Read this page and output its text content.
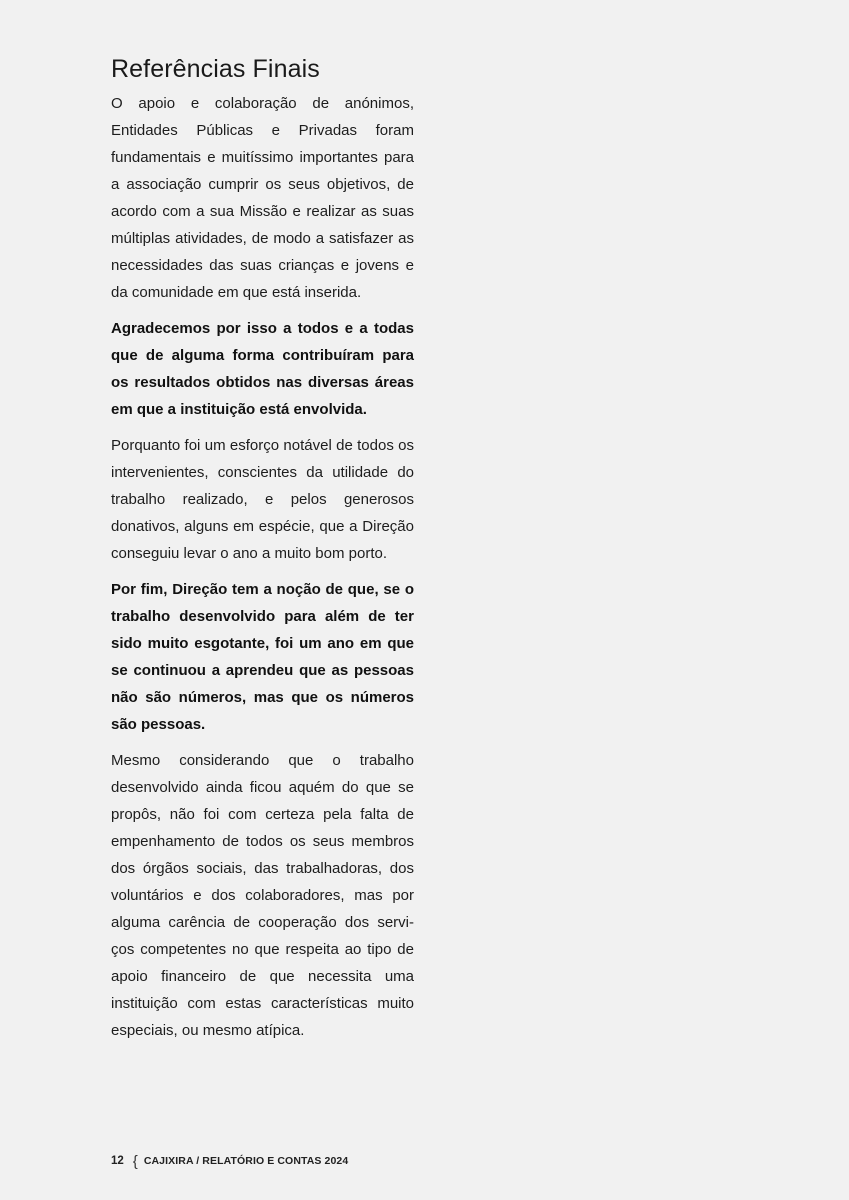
Referências Finais

O apoio e colaboração de anónimos, Entidades Públicas e Privadas foram fundamentais e muitíssimo importantes para a associação cumprir os seus objetivos, de acordo com a sua Missão e realizar as suas múltiplas atividades, de modo a satisfazer as necessidades das suas crianças e jovens e da comunidade em que está inserida.

Agradecemos por isso a todos e a todas que de alguma forma contribuíram para os resultados obtidos nas diversas áreas em que a instituição está envolvida.

Porquanto foi um esforço notável de todos os intervenientes, conscientes da utilidade do trabalho realizado, e pelos generosos donativos, alguns em espécie, que a Direção conseguiu levar o ano a muito bom porto.

Por fim, Direção tem a noção de que, se o trabalho desenvolvido para além de ter sido muito esgotante, foi um ano em que se continuou a aprendeu que as pessoas não são números, mas que os números são pessoas.

Mesmo considerando que o trabalho desenvolvido ainda ficou aquém do que se propôs, não foi com certeza pela falta de empenhamento de todos os seus membros dos órgãos sociais, das trabalhadoras, dos voluntários e dos colaboradores, mas por alguma carência de cooperação dos servi-ços competentes no que respeita ao tipo de apoio financeiro de que necessita uma instituição com estas características muito especiais, ou mesmo atípica.

12 { CAJIXIRA / RELATÓRIO E CONTAS 2024
